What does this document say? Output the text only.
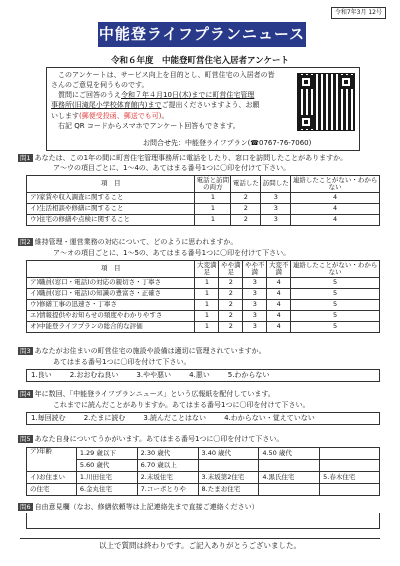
令和7年3月 12号
中能登ライフプランニュース
令和６年度　中能登町営住宅入居者アンケート

　このアンケートは、サービス向上を目的とし、町営住宅の入居者の皆

さんのご意見を伺うものです。

　質問にご回答のうえ令和７年４月10日(木)までに町営住宅管理

事務所(旧滝尾小学校体育館内)までご提出くださいますよう、お願

いします(郵便受投函、郵送でも可)。

　右記 QR コードからスマホでアンケート回答もできます。

お問合せ先：中能登ライフプラン(☎0767-76-7060)
問1 あなたは、この1年の間に町営住宅管理事務所に電話をしたり、窓口を訪問したことがありますか。
ア～ウの項目ごとに、1～4の、あてはまる番号1つに〇印を付けて下さい。
項　目	電話と訪問の両方	電話した	訪問した	連絡したことがない・わからない
ア)家賃や収入調査に関すること	1	2	3	4
イ)生活相談や修繕に関すること	1	2	3	4
ウ)住宅の修繕や点検に関すること	1	2	3	4
問2 維持管理・運営業務の対応について、どのように思われますか。
ア～オの項目ごとに、1～5の、あてはまる番号1つに〇印を付けて下さい。
項　目	大変満足	やや満足	やや不満	大変不満	連絡したことがない・わからない
ア)職員(窓口・電話)の対応の親切さ・丁寧さ	1	2	3	4	5
イ)職員(窓口・電話)の知識の豊富さ・正確さ	1	2	3	4	5
ウ)修繕工事の迅速さ・丁寧さ	1	2	3	4	5
エ)情報提供やお知らせの頻度やわかりやすさ	1	2	3	4	5
オ)中能登ライフプランの総合的な評価	1	2	3	4	5
問3 あなたがお住まいの町営住宅の施設や設備は適切に管理されていますか。
あてはまる番号1つに〇印を付けて下さい。
1.良い	2.おおむね良い	3.やや悪い	4.悪い	5.わからない
問4 年に数回、「中能登ライフプランニュース」という広報紙を配付しています。
これまでに読んだことがありますか。あてはまる番号1つに〇印を付けて下さい。
1.毎回読む	2.たまに読む	3.読んだことはない	4.わからない・覚えていない
問5 あなた自身についてうかがいます。あてはまる番号1つに〇印を付けて下さい。
ア)年齢	1.29 歳以下	2.30 歳代	3.40 歳代	4.50 歳代	
	5.60 歳代	6.70 歳以上			
イ)お住まい	1.川田住宅	2.末坂住宅	3.末坂第2住宅	4.黒氏住宅	5.春木住宅
の住宅	6.金丸住宅	7.コーポとりや	8.たまお住宅		
問6 自由意見欄（なお、修繕依頼等は上記連絡先まで直接ご連絡ください）
以上で質問は終わりです。ご記入ありがとうございました。
